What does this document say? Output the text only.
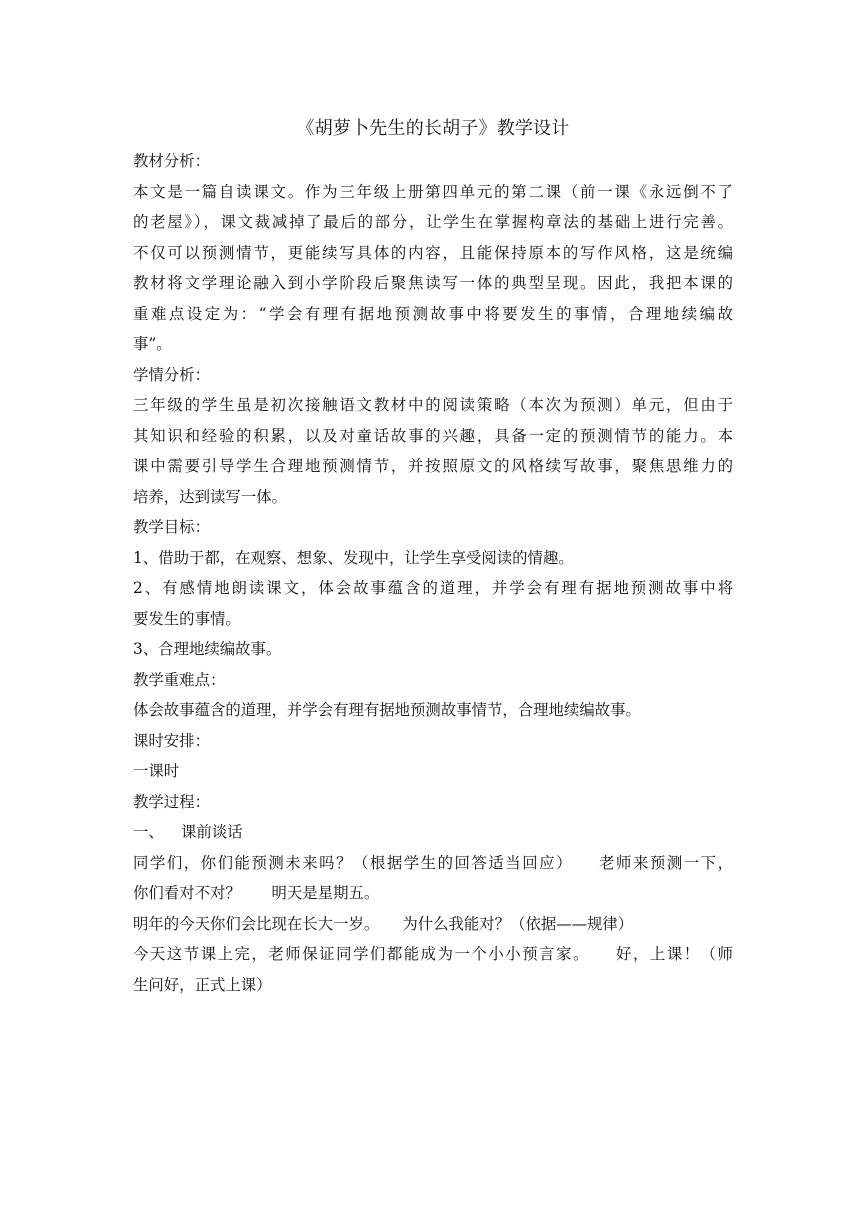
《胡萝卜先生的长胡子》教学设计
教材分析：
本文是一篇自读课文。作为三年级上册第四单元的第二课（前一课《永远倒不了
的老屋》），课文裁减掉了最后的部分，让学生在掌握构章法的基础上进行完善。
不仅可以预测情节，更能续写具体的内容，且能保持原本的写作风格，这是统编
教材将文学理论融入到小学阶段后聚焦读写一体的典型呈现。因此，我把本课的
重难点设定为：“学会有理有据地预测故事中将要发生的事情，合理地续编故
事”。
学情分析：
三年级的学生虽是初次接触语文教材中的阅读策略（本次为预测）单元，但由于
其知识和经验的积累，以及对童话故事的兴趣，具备一定的预测情节的能力。本
课中需要引导学生合理地预测情节，并按照原文的风格续写故事，聚焦思维力的
培养，达到读写一体。
教学目标：
1、借助于都，在观察、想象、发现中，让学生享受阅读的情趣。
2、有感情地朗读课文，体会故事蕴含的道理，并学会有理有据地预测故事中将
要发生的事情。
3、合理地续编故事。
教学重难点：
体会故事蕴含的道理，并学会有理有据地预测故事情节，合理地续编故事。
课时安排：
一课时
教学过程：
一、 课前谈话
同学们，你们能预测未来吗？（根据学生的回答适当回应）　　老师来预测一下，
你们看对不对？　　明天是星期五。
明年的今天你们会比现在长大一岁。　　为什么我能对？（依据——规律）
今天这节课上完，老师保证同学们都能成为一个小小预言家。　　好，上课！（师
生问好，正式上课）
